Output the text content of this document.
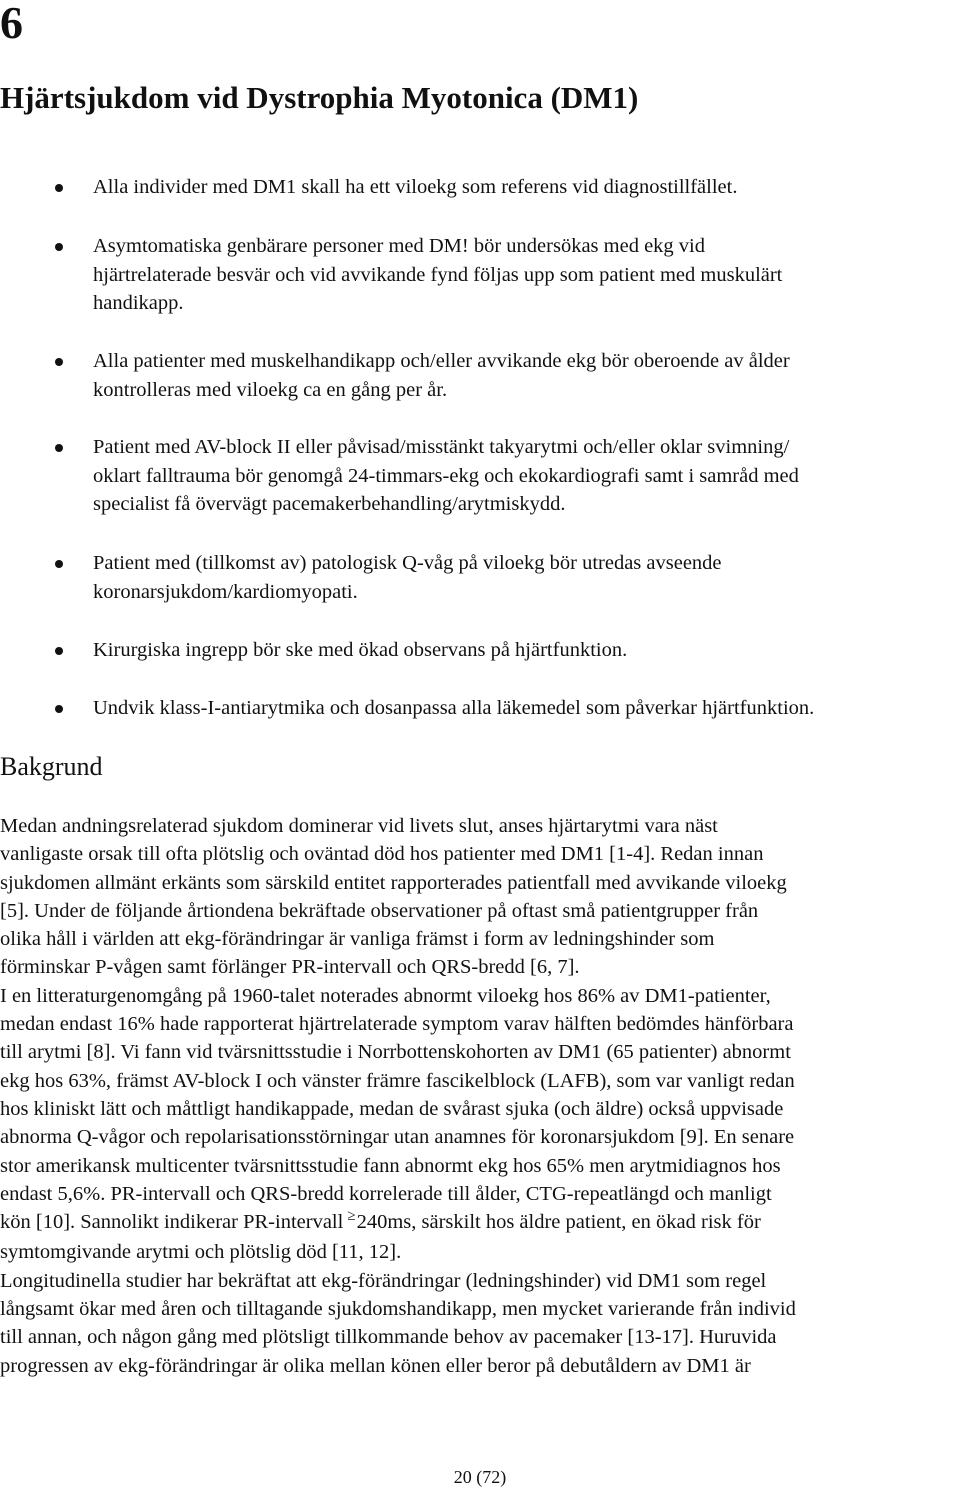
6
Hjärtsjukdom vid Dystrophia Myotonica (DM1)
Alla individer med DM1 skall ha ett viloekg som referens vid diagnostillfället.
Asymtomatiska genbärare personer med DM! bör undersökas med ekg vid
hjärtrelaterade besvär och vid avvikande fynd följas upp som patient med muskulärt
handikapp.
Alla patienter med muskelhandikapp och/eller avvikande ekg bör oberoende av ålder
kontrolleras med viloekg ca en gång per år.
Patient med AV-block II eller påvisad/misstänkt takyarytmi och/eller oklar svimning/
oklart falltrauma bör genomgå 24-timmars-ekg och ekokardiografi samt i samråd med
specialist få övervägt pacemakerbehandling/arytmiskydd.
Patient med (tillkomst av) patologisk Q-våg på viloekg bör utredas avseende
koronarsjukdom/kardiomyopati.
Kirurgiska ingrepp bör ske med ökad observans på hjärtfunktion.
Undvik klass-I-antiarytmika och dosanpassa alla läkemedel som påverkar hjärtfunktion.
Bakgrund
Medan andningsrelaterad sjukdom dominerar vid livets slut, anses hjärtarytmi vara näst
vanligaste orsak till ofta plötslig och oväntad död hos patienter med DM1 [1-4]. Redan innan
sjukdomen allmänt erkänts som särskild entitet rapporterades patientfall med avvikande viloekg
[5]. Under de följande årtiondena bekräftade observationer på oftast små patientgrupper från
olika håll i världen att ekg-förändringar är vanliga främst i form av ledningshinder som
förminskar P-vågen samt förlänger PR-intervall och QRS-bredd [6, 7].
I en litteraturgenomgång på 1960-talet noterades abnormt viloekg hos 86% av DM1-patienter,
medan endast 16% hade rapporterat hjärtrelaterade symptom varav hälften bedömdes hänförbara
till arytmi [8]. Vi fann vid tvärsnittsstudie i Norrbottenskohorten av DM1 (65 patienter) abnormt
ekg hos 63%, främst AV-block I och vänster främre fascikelblock (LAFB), som var vanligt redan
hos kliniskt lätt och måttligt handikappade, medan de svårast sjuka (och äldre) också uppvisade
abnorma Q-vågor och repolarisationsstörningar utan anamnes för koronarsjukdom [9]. En senare
stor amerikansk multicenter tvärsnittsstudie fann abnormt ekg hos 65% men arytmidiagnos hos
endast 5,6%. PR-intervall och QRS-bredd korrelerade till ålder, CTG-repeatlängd och manligt
kön [10]. Sannolikt indikerar PR-intervall ≥240ms, särskilt hos äldre patient, en ökad risk för
symtomgivande arytmi och plötslig död [11, 12].
Longitudinella studier har bekräftat att ekg-förändringar (ledningshinder) vid DM1 som regel
långsamt ökar med åren och tilltagande sjukdomshandikapp, men mycket varierande från individ
till annan, och någon gång med plötsligt tillkommande behov av pacemaker [13-17]. Huruvida
progressen av ekg-förändringar är olika mellan könen eller beror på debutåldern av DM1 är

20 (72)
